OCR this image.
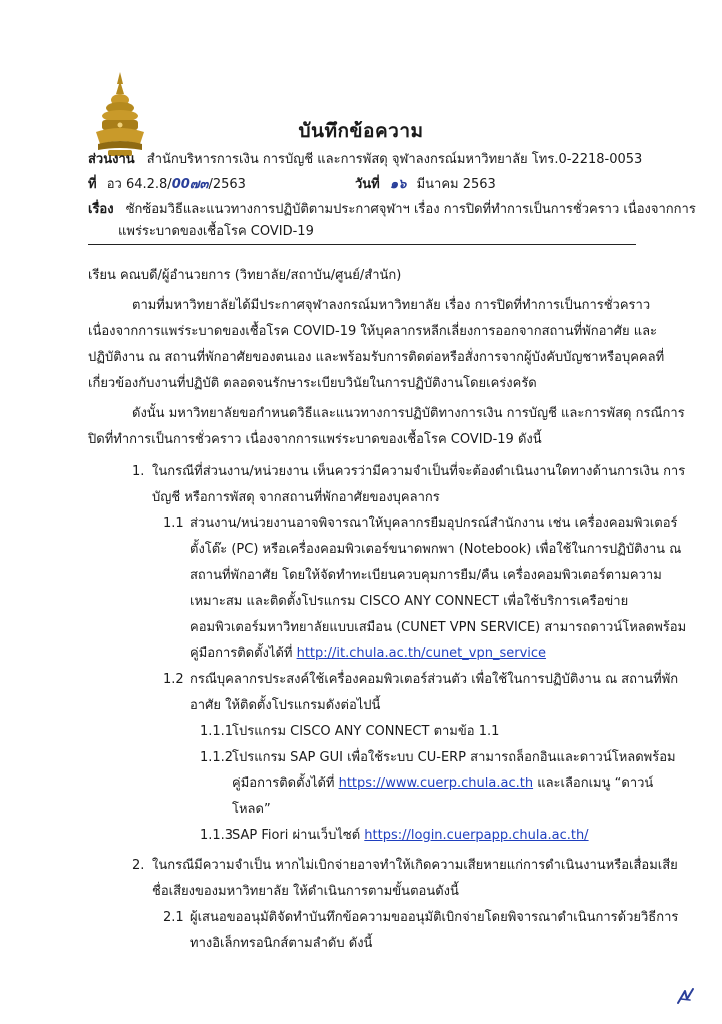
บันทึกข้อความ
ส่วนงาน สำนักบริหารการเงิน การบัญชี และการพัสดุ จุฬาลงกรณ์มหาวิทยาลัย โทร.0-2218-0053
ที่ อว 64.2.8/00๗๓/2563	วันที่ ๑๖ มีนาคม 2563
เรื่อง ซักซ้อมวิธีและแนวทางการปฏิบัติตามประกาศจุฬาฯ เรื่อง การปิดที่ทำการเป็นการชั่วคราว เนื่องจากการ
แพร่ระบาดของเชื้อโรค COVID-19
เรียน คณบดี/ผู้อำนวยการ (วิทยาลัย/สถาบัน/ศูนย์/สำนัก)
ตามที่มหาวิทยาลัยได้มีประกาศจุฬาลงกรณ์มหาวิทยาลัย เรื่อง การปิดที่ทำการเป็นการชั่วคราว
เนื่องจากการแพร่ระบาดของเชื้อโรค COVID-19 ให้บุคลากรหลีกเลี่ยงการออกจากสถานที่พักอาศัย และ
ปฏิบัติงาน ณ สถานที่พักอาศัยของตนเอง และพร้อมรับการติดต่อหรือสั่งการจากผู้บังคับบัญชาหรือบุคคลที่
เกี่ยวข้องกับงานที่ปฏิบัติ ตลอดจนรักษาระเบียบวินัยในการปฏิบัติงานโดยเคร่งครัด
ดังนั้น มหาวิทยาลัยขอกำหนดวิธีและแนวทางการปฏิบัติทางการเงิน การบัญชี และการพัสดุ กรณีการ
ปิดที่ทำการเป็นการชั่วคราว เนื่องจากการแพร่ระบาดของเชื้อโรค COVID-19 ดังนี้
1. ในกรณีที่ส่วนงาน/หน่วยงาน เห็นควรว่ามีความจำเป็นที่จะต้องดำเนินงานใดทางด้านการเงิน การ
บัญชี หรือการพัสดุ จากสถานที่พักอาศัยของบุคลากร
1.1 ส่วนงาน/หน่วยงานอาจพิจารณาให้บุคลากรยืมอุปกรณ์สำนักงาน เช่น เครื่องคอมพิวเตอร์
ตั้งโต๊ะ (PC) หรือเครื่องคอมพิวเตอร์ขนาดพกพา (Notebook) เพื่อใช้ในการปฏิบัติงาน ณ
สถานที่พักอาศัย โดยให้จัดทำทะเบียนควบคุมการยืม/คืน เครื่องคอมพิวเตอร์ตามความ
เหมาะสม และติดตั้งโปรแกรม CISCO ANY CONNECT เพื่อใช้บริการเครือข่าย
คอมพิวเตอร์มหาวิทยาลัยแบบเสมือน (CUNET VPN SERVICE) สามารถดาวน์โหลดพร้อม
คู่มือการติดตั้งได้ที่ http://it.chula.ac.th/cunet_vpn_service
1.2 กรณีบุคลากรประสงค์ใช้เครื่องคอมพิวเตอร์ส่วนตัว เพื่อใช้ในการปฏิบัติงาน ณ สถานที่พัก
อาศัย ให้ติดตั้งโปรแกรมดังต่อไปนี้
1.1.1
โปรแกรม CISCO ANY CONNECT ตามข้อ 1.1
1.1.2
โปรแกรม SAP GUI เพื่อใช้ระบบ CU-ERP สามารถล็อกอินและดาวน์โหลดพร้อม
คู่มือการติดตั้งได้ที่ https://www.cuerp.chula.ac.th และเลือกเมนู “ดาวน์
โหลด”
1.1.3
SAP Fiori ผ่านเว็บไซต์ https://login.cuerpapp.chula.ac.th/
2. ในกรณีมีความจำเป็น หากไม่เบิกจ่ายอาจทำให้เกิดความเสียหายแก่การดำเนินงานหรือเสื่อมเสีย
ชื่อเสียงของมหาวิทยาลัย ให้ดำเนินการตามขั้นตอนดังนี้
2.1 ผู้เสนอขออนุมัติจัดทำบันทึกข้อความขออนุมัติเบิกจ่ายโดยพิจารณาดำเนินการด้วยวิธีการ
ทางอิเล็กทรอนิกส์ตามลำดับ ดังนี้
